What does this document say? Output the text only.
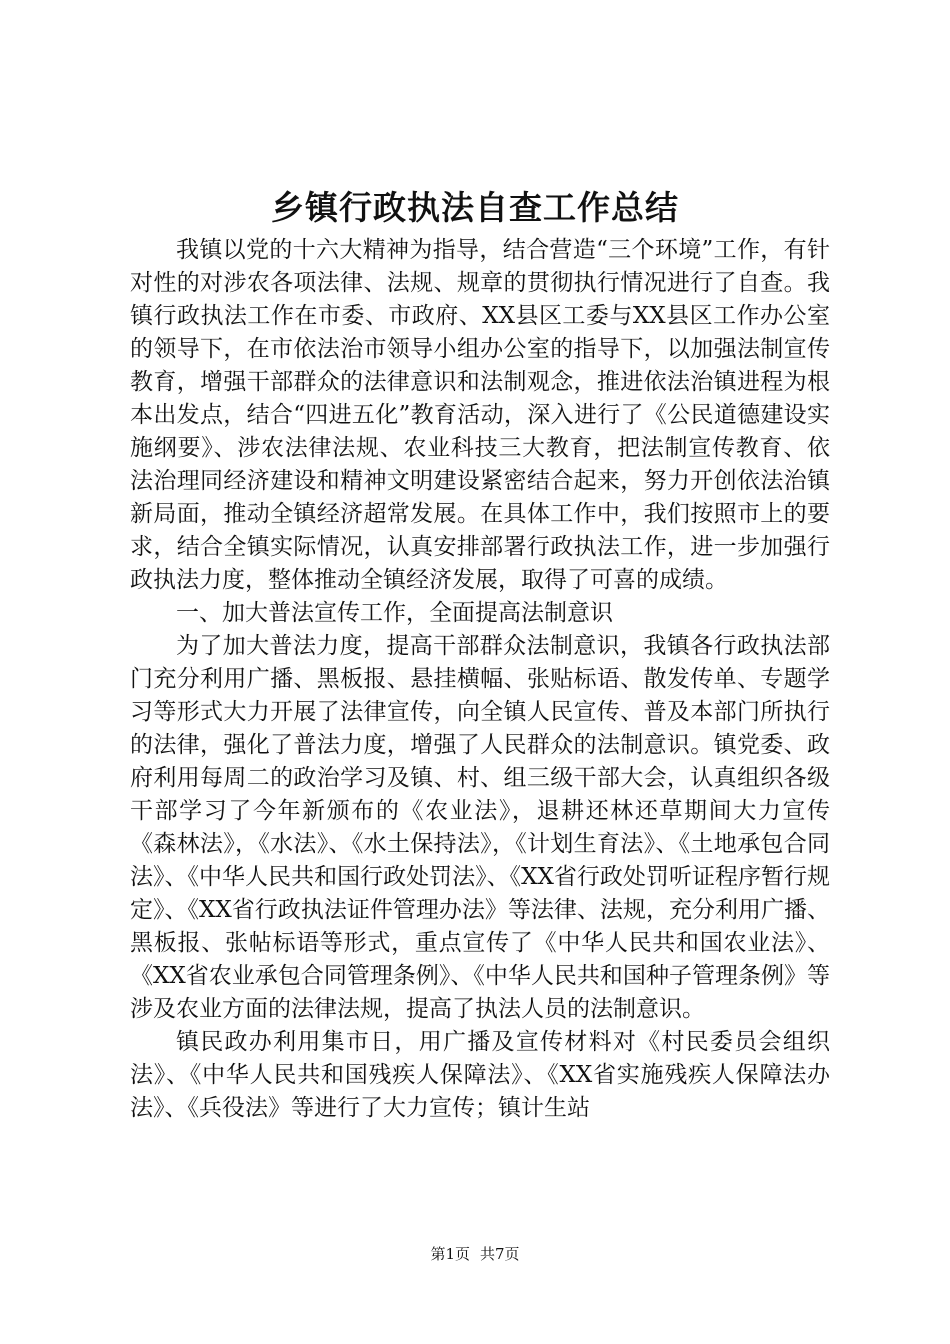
乡镇行政执法自查工作总结

我镇以党的十六大精神为指导，结合营造“三个环境”工作，有针对性的对涉农各项法律、法规、规章的贯彻执行情况进行了自查。我镇行政执法工作在市委、市政府、XX县区工委与XX县区工作办公室的领导下，在市依法治市领导小组办公室的指导下，以加强法制宣传教育，增强干部群众的法律意识和法制观念，推进依法治镇进程为根本出发点，结合“四进五化”教育活动，深入进行了《公民道德建设实施纲要》、涉农法律法规、农业科技三大教育，把法制宣传教育、依法治理同经济建设和精神文明建设紧密结合起来，努力开创依法治镇新局面，推动全镇经济超常发展。在具体工作中，我们按照市上的要求，结合全镇实际情况，认真安排部署行政执法工作，进一步加强行政执法力度，整体推动全镇经济发展，取得了可喜的成绩。

一、加大普法宣传工作，全面提高法制意识

为了加大普法力度，提高干部群众法制意识，我镇各行政执法部门充分利用广播、黑板报、悬挂横幅、张贴标语、散发传单、专题学习等形式大力开展了法律宣传，向全镇人民宣传、普及本部门所执行的法律，强化了普法力度，增强了人民群众的法制意识。镇党委、政府利用每周二的政治学习及镇、村、组三级干部大会，认真组织各级干部学习了今年新颁布的《农业法》，退耕还林还草期间大力宣传《森林法》，《水法》、《水土保持法》，《计划生育法》、《土地承包合同法》、《中华人民共和国行政处罚法》、《XX省行政处罚听证程序暂行规定》、《XX省行政执法证件管理办法》等法律、法规，充分利用广播、黑板报、张帖标语等形式，重点宣传了《中华人民共和国农业法》、《XX省农业承包合同管理条例》、《中华人民共和国种子管理条例》等涉及农业方面的法律法规，提高了执法人员的法制意识。

镇民政办利用集市日，用广播及宣传材料对《村民委员会组织法》、《中华人民共和国残疾人保障法》、《XX省实施残疾人保障法办法》、《兵役法》等进行了大力宣传；镇计生站

第1页 共7页
